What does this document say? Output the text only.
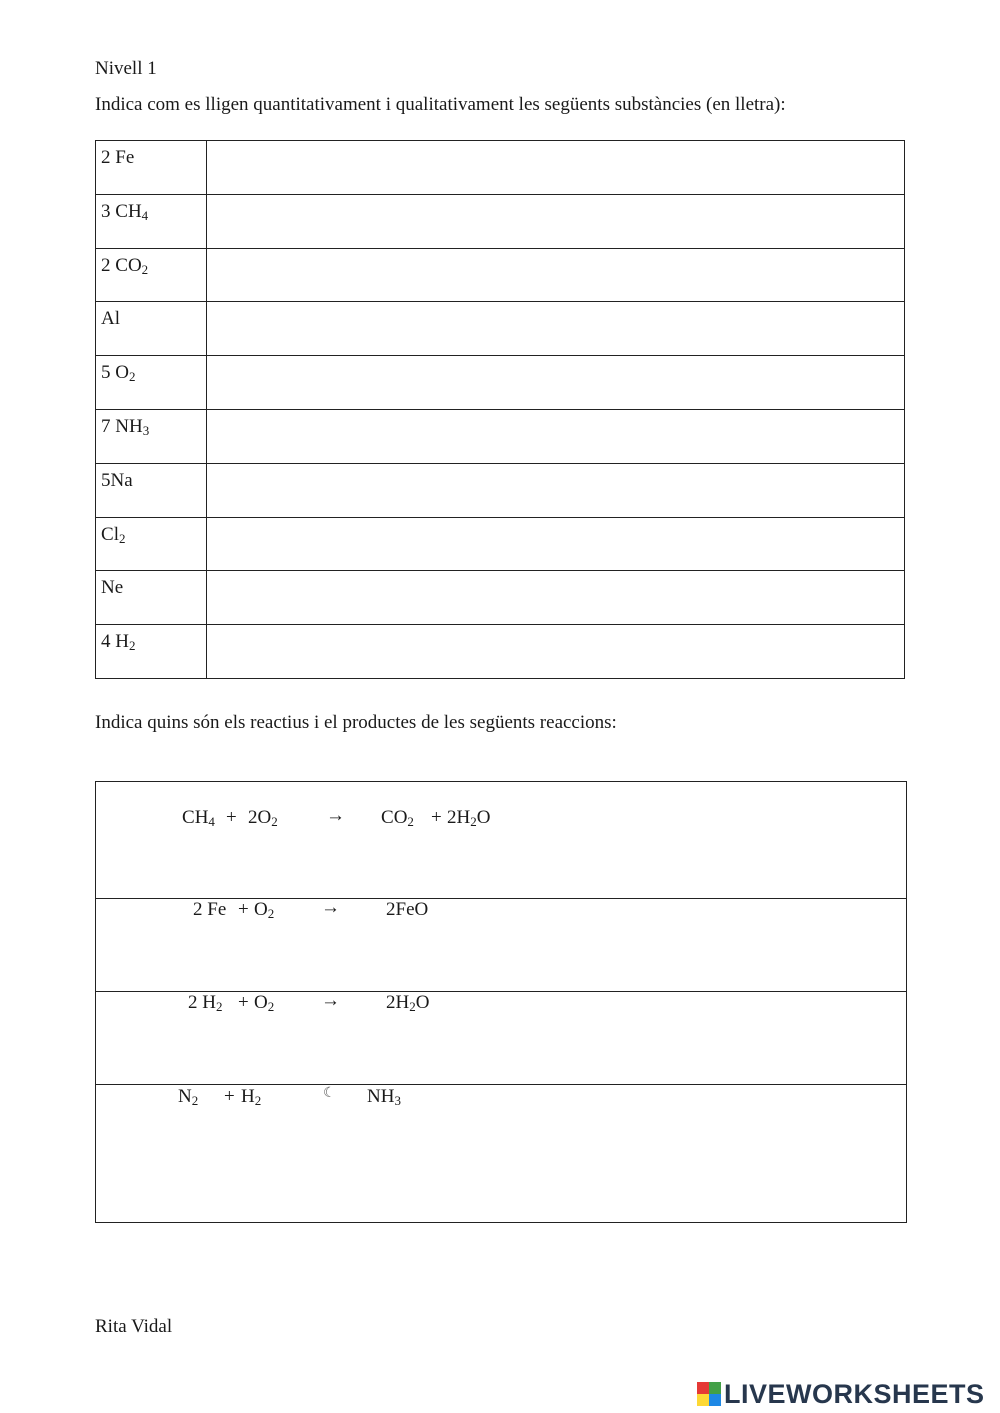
Nivell 1
Indica com es lligen quantitativament i qualitativament les següents substàncies (en lletra):
2 Fe	
3 $CH_4$	
2 $CO_2$	
Al	
5 $O_2$	
7 $NH_3$	
5Na	
$Cl_2$	
Ne	
4 $H_2$	
Indica quins són els reactius i el productes de les següents reaccions:
$CH_4 + 2O_2$	→ $CO_2 + 2H_2O$
2 $Fe + O_2 \to 2FeO$
2 $H_2 + O_2 \to 2H_2O$
$N_2 + H_2$	☾ $NH_3$
Rita Vidal
LIVEWORKSHEETS
